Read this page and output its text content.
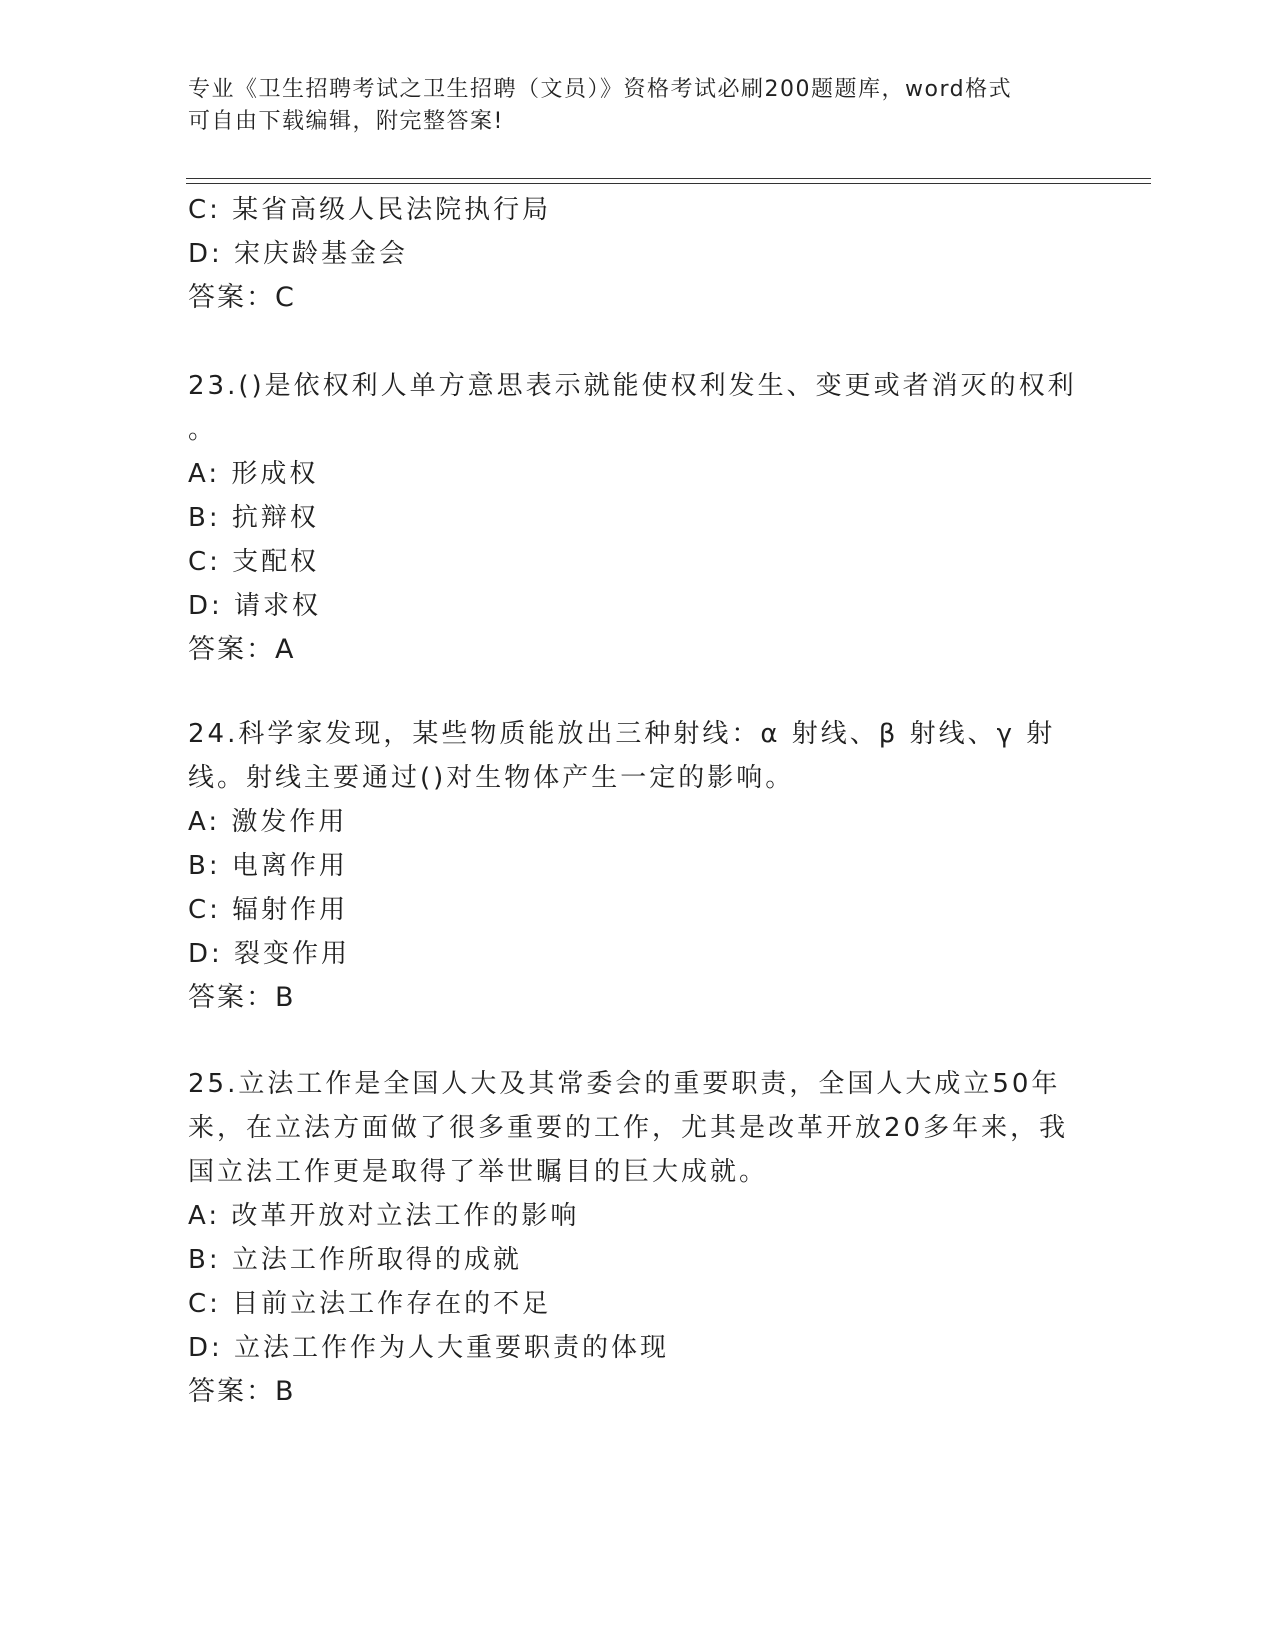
专业《卫生招聘考试之卫生招聘（文员）》资格考试必刷200题题库，word格式
可自由下载编辑，附完整答案!
C: 某省高级人民法院执行局
D: 宋庆龄基金会
答案：C
23.()是依权利人单方意思表示就能使权利发生、变更或者消灭的权利
。
A: 形成权
B: 抗辩权
C: 支配权
D: 请求权
答案：A
24.科学家发现，某些物质能放出三种射线：α 射线、β 射线、γ 射
线。射线主要通过()对生物体产生一定的影响。
A: 激发作用
B: 电离作用
C: 辐射作用
D: 裂变作用
答案：B
25.立法工作是全国人大及其常委会的重要职责，全国人大成立50年
来，在立法方面做了很多重要的工作，尤其是改革开放20多年来，我
国立法工作更是取得了举世瞩目的巨大成就。
A: 改革开放对立法工作的影响
B: 立法工作所取得的成就
C: 目前立法工作存在的不足
D: 立法工作作为人大重要职责的体现
答案：B
